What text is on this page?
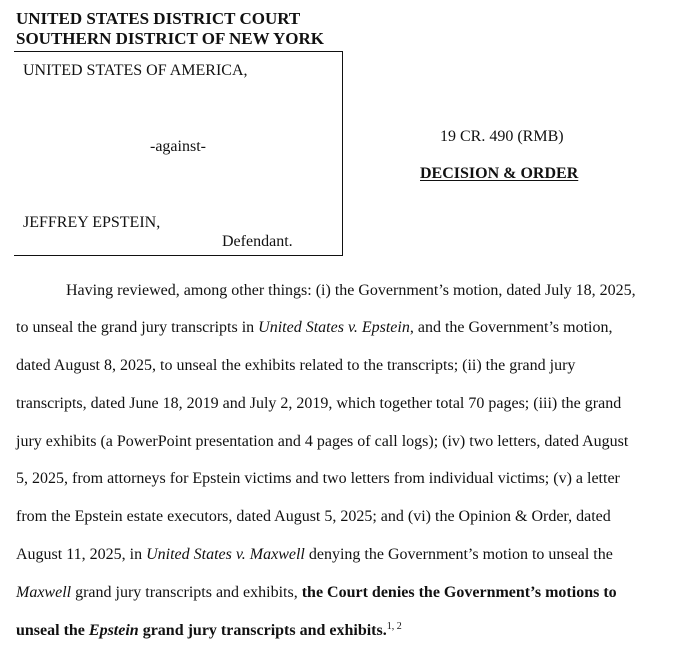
UNITED STATES DISTRICT COURT
SOUTHERN DISTRICT OF NEW YORK
UNITED STATES OF AMERICA,
-against-
JEFFREY EPSTEIN,
Defendant.
19 CR. 490 (RMB)
DECISION & ORDER
Having reviewed, among other things: (i) the Government’s motion, dated July 18, 2025,
to unseal the grand jury transcripts in United States v. Epstein, and the Government’s motion,
dated August 8, 2025, to unseal the exhibits related to the transcripts; (ii) the grand jury
transcripts, dated June 18, 2019 and July 2, 2019, which together total 70 pages; (iii) the grand
jury exhibits (a PowerPoint presentation and 4 pages of call logs); (iv) two letters, dated August
5, 2025, from attorneys for Epstein victims and two letters from individual victims; (v) a letter
from the Epstein estate executors, dated August 5, 2025; and (vi) the Opinion & Order, dated
August 11, 2025, in United States v. Maxwell denying the Government’s motion to unseal the
Maxwell grand jury transcripts and exhibits, the Court denies the Government’s motions to
unseal the Epstein grand jury transcripts and exhibits.$^{1, 2}$
